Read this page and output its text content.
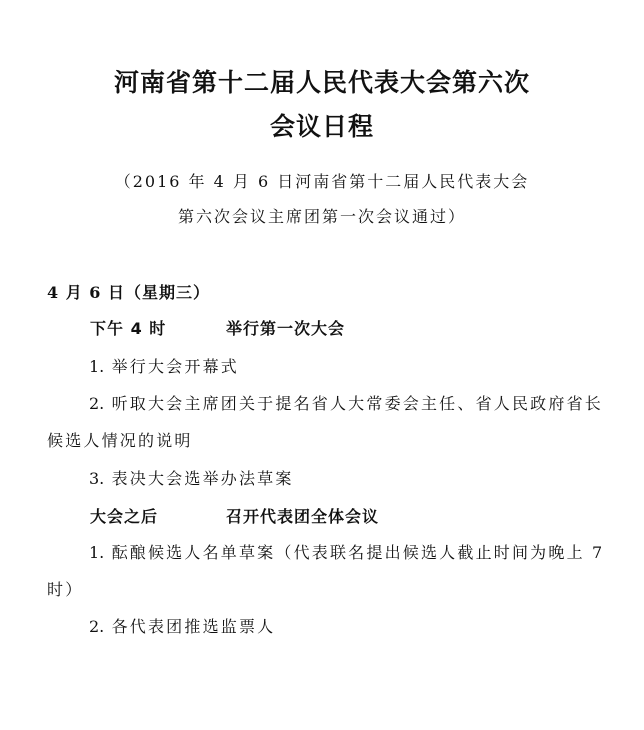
河南省第十二届人民代表大会第六次
会议日程
（2016 年 4 月 6 日河南省第十二届人民代表大会
第六次会议主席团第一次会议通过）
4 月 6 日（星期三）
下午 4 时	举行第一次大会
1. 举行大会开幕式
2. 听取大会主席团关于提名省人大常委会主任、省人民政府省长候选人情况的说明
3. 表决大会选举办法草案
大会之后	召开代表团全体会议
1. 酝酿候选人名单草案（代表联名提出候选人截止时间为晚上 7 时）
2. 各代表团推选监票人
